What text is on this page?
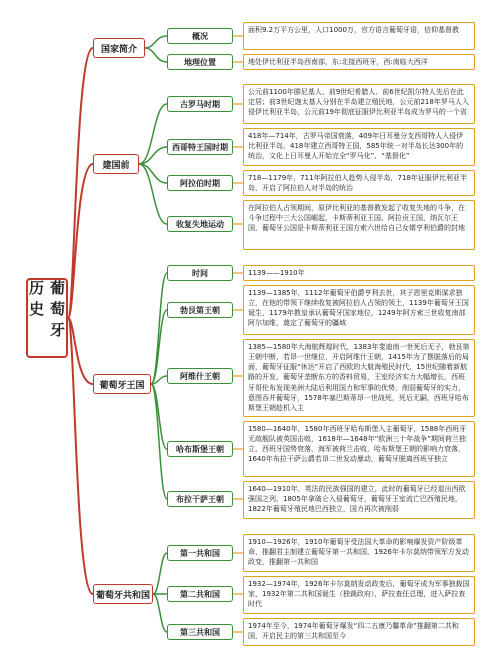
葡萄牙历史
国家简介
建国前
葡萄牙王国
葡萄牙共和国
概况
面积9.2万平方公里，人口1000万，官方语言葡萄牙语，信仰基督教
地理位置	地处伊比利亚半岛西南部，东:北接西班牙，西:南临大西洋
古罗马时期
公元前1100年腓尼基人、前9世纪希腊人、前6世纪凯尔特人先后在此定居；前3世纪迦太基人分别在半岛建立殖民地，公元前218年罗马人入侵伊比利亚半岛，公元前19年彻底征服伊比利亚半岛成为罗马的一个省
西哥特王国时期
418年—714年，古罗马帝国衰落，409年日耳曼分支西哥特人入侵伊比利亚半岛，418年建立西哥特王国，585年统一对半岛长达300年的统治，文化上日耳曼人开始完全“罗马化”、“基督化”
阿拉伯时期
718—1179年，711年阿拉伯人趁势入侵半岛，718年征服伊比利亚半岛，开启了阿拉伯人对半岛的统治
收复失地运动
在阿拉伯人占领期间，原伊比利亚的基督教发起了收复失地的斗争，在斗争过程中三大公国崛起，卡斯蒂利亚王国、阿拉贡王国，纳瓦尔王国，葡萄牙公国是卡斯蒂利亚王国方索六世给自己女婿亨利伯爵的封地
时间	1139——1910年
勃艮第王朝
1139—1385年，1112年葡萄牙伯爵亨利去世，其子恩里克斯谋求独立，在他的带领下继续收复被阿拉伯人占领的领土，1139年葡萄牙王国诞生，1179年教皇承认葡萄牙国家地位，1249年阿方索三世收复南部阿尔加维，奠定了葡萄牙的疆域
阿维什王朝
1385—1580年大海航辉煌时代，1383年斐迪南一世死后无子，勃艮第王朝中断，若昂一世继位，开启阿维什王朝，1415年为了摆脱落后的局面，葡萄牙征服“休达”开启了西欧的大航海殖民时代，15世纪随着新航路的开发，葡萄牙垄断东方的香料贸易，王室经济实力大幅增长，西班牙哥伦布发现美洲大陆后利用国力和军事的优势，削弱葡萄牙的实力，意图吞并葡萄牙，1578年塞巴斯蒂昂一世战死，死后无嗣，西班牙哈布斯堡王朝趁机入主
哈布斯堡王朝
1580—1640年，1580年西班牙哈布斯堡入主葡萄牙，1588年西班牙无敌舰队被英国击败，1618年—1648年“欧洲三十年战争”期间荷兰独立，西班牙国势衰落，海军被荷兰击败，哈布斯堡王朝的影响力衰落，1640年布拉干萨公爵若昂二世发动暴动，葡萄牙脱离西班牙独立
布拉干萨王朝
1640—1910年，英法的民族强国的建立，此时的葡萄牙已经退出西欧强国之列，1805年拿破仑入侵葡萄牙，葡萄牙王室流亡巴西殖民地，1822年葡萄牙殖民地巴西独立，国力再次被削弱
第一共和国
1910—1926年，1910年葡萄牙受法国大革命的影响爆发资产阶级革命，推翻君主制建立葡萄牙第一共和国，1926年卡尔莫纳带领军方发动政变，推翻第一共和国
第二共和国
1932—1974年，1926年卡尔莫纳发动政变后，葡萄牙成为军事独裁国家，1932年第二共和国诞生（独裁政府），萨拉查任总理，进入萨拉查时代
第三共和国
1974年至今，1974年葡萄牙爆发“四二五康乃馨革命”推翻第二共和国，开启民主的第三共和国至今
